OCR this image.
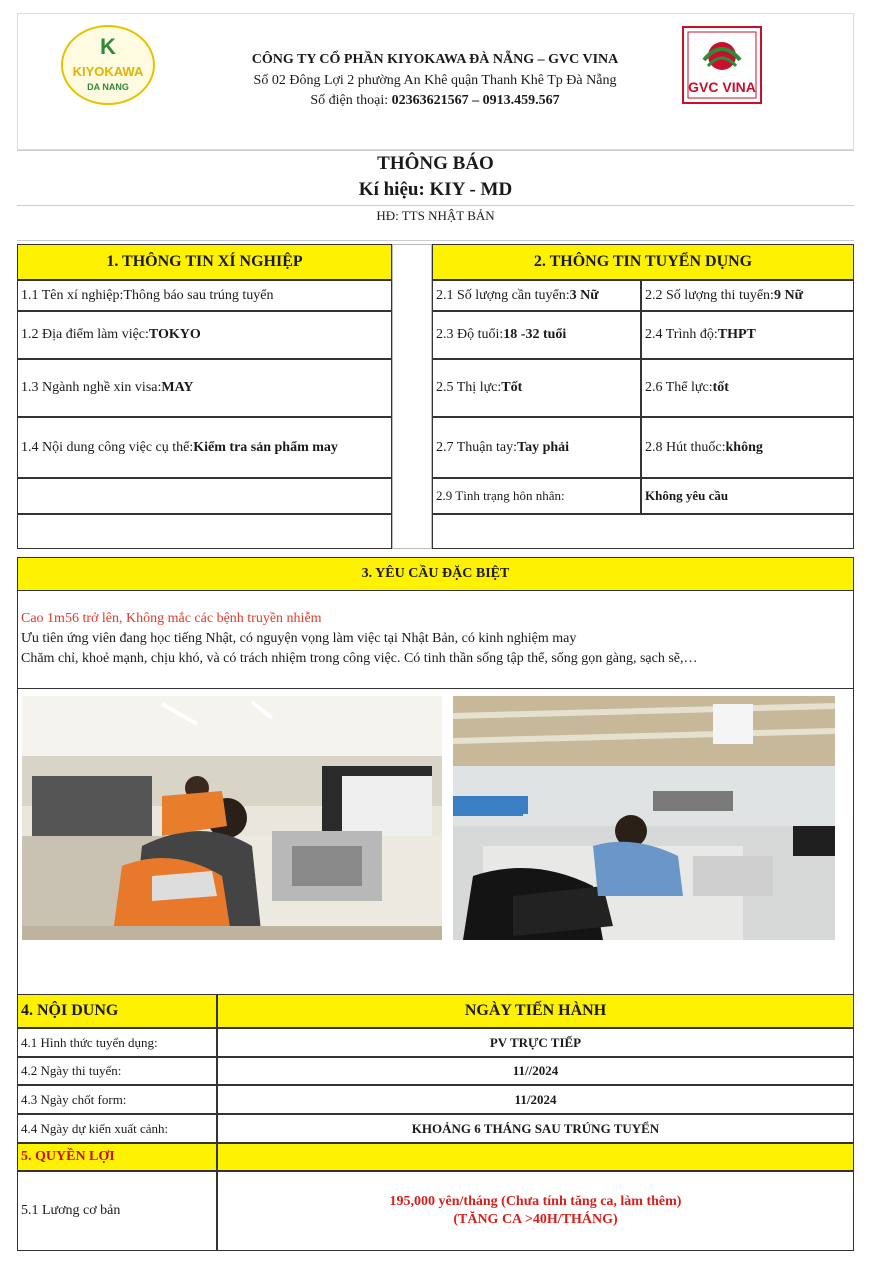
K
KIYOKAWA
DA NANG
CÔNG TY CỔ PHẦN KIYOKAWA ĐÀ NẴNG – GVC VINA
Số 02 Đông Lợi 2 phường An Khê quận Thanh Khê Tp Đà Nẵng
Số điện thoại: 02363621567 – 0913.459.567
GVC VINA
THÔNG BÁO
Kí hiệu: KIY - MD
HĐ: TTS NHẬT BẢN
1. THÔNG TIN XÍ NGHIỆP
1.1 Tên xí nghiệp: Thông báo sau trúng tuyển
1.2 Địa điểm làm việc: TOKYO
1.3 Ngành nghề xin visa: MAY
1.4 Nội dung công việc cụ thể: Kiểm tra sản phẩm may
2. THÔNG TIN TUYỂN DỤNG
2.1 Số lượng cần tuyển: 3 Nữ	2.2 Số lượng thi tuyển: 9 Nữ
2.3 Độ tuổi: 18 -32 tuổi	2.4 Trình độ: THPT
2.5 Thị lực: Tốt	2.6 Thể lực: tốt
2.7 Thuận tay: Tay phải	2.8 Hút thuốc: không
2.9 Tình trạng hôn nhân:	Không yêu cầu
3. YÊU CẦU ĐẶC BIỆT
Cao 1m56 trở lên, Không mắc các bệnh truyền nhiễm
Ưu tiên ứng viên đang học tiếng Nhật, có nguyện vọng làm việc tại Nhật Bản, có kinh nghiệm may
Chăm chỉ, khoẻ mạnh, chịu khó, và có trách nhiệm trong công việc. Có tinh thần sống tập thể, sống gọn gàng, sạch sẽ,…
4. NỘI DUNG	NGÀY TIẾN HÀNH
4.1 Hình thức tuyển dụng:	PV TRỰC TIẾP
4.2 Ngày thi tuyển:	11//2024
4.3 Ngày chốt form:	11/2024
4.4 Ngày dự kiến xuất cảnh:	KHOẢNG 6 THÁNG SAU TRÚNG TUYỂN
5. QUYỀN LỢI
5.1 Lương cơ bản
195,000 yên/tháng (Chưa tính tăng ca, làm thêm)
(TĂNG CA >40H/THÁNG)
